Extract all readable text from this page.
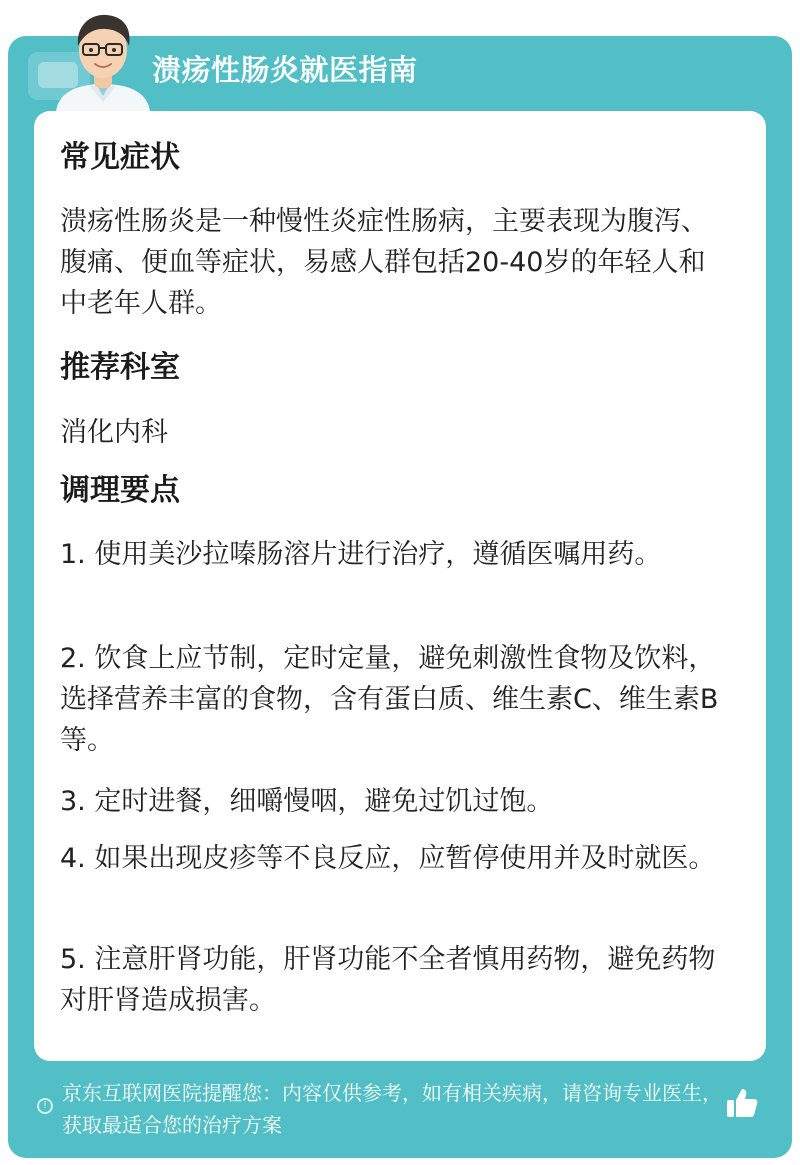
溃疡性肠炎就医指南
常见症状
溃疡性肠炎是一种慢性炎症性肠病，主要表现为腹泻、腹痛、便血等症状，易感人群包括20-40岁的年轻人和中老年人群。
推荐科室
消化内科
调理要点
1. 使用美沙拉嗪肠溶片进行治疗，遵循医嘱用药。
2. 饮食上应节制，定时定量，避免刺激性食物及饮料，选择营养丰富的食物，含有蛋白质、维生素C、维生素B等。
3. 定时进餐，细嚼慢咽，避免过饥过饱。
4. 如果出现皮疹等不良反应，应暂停使用并及时就医。
5. 注意肝肾功能，肝肾功能不全者慎用药物，避免药物对肝肾造成损害。
!
京东互联网医院提醒您：内容仅供参考，如有相关疾病，请咨询专业医生，获取最适合您的治疗方案
